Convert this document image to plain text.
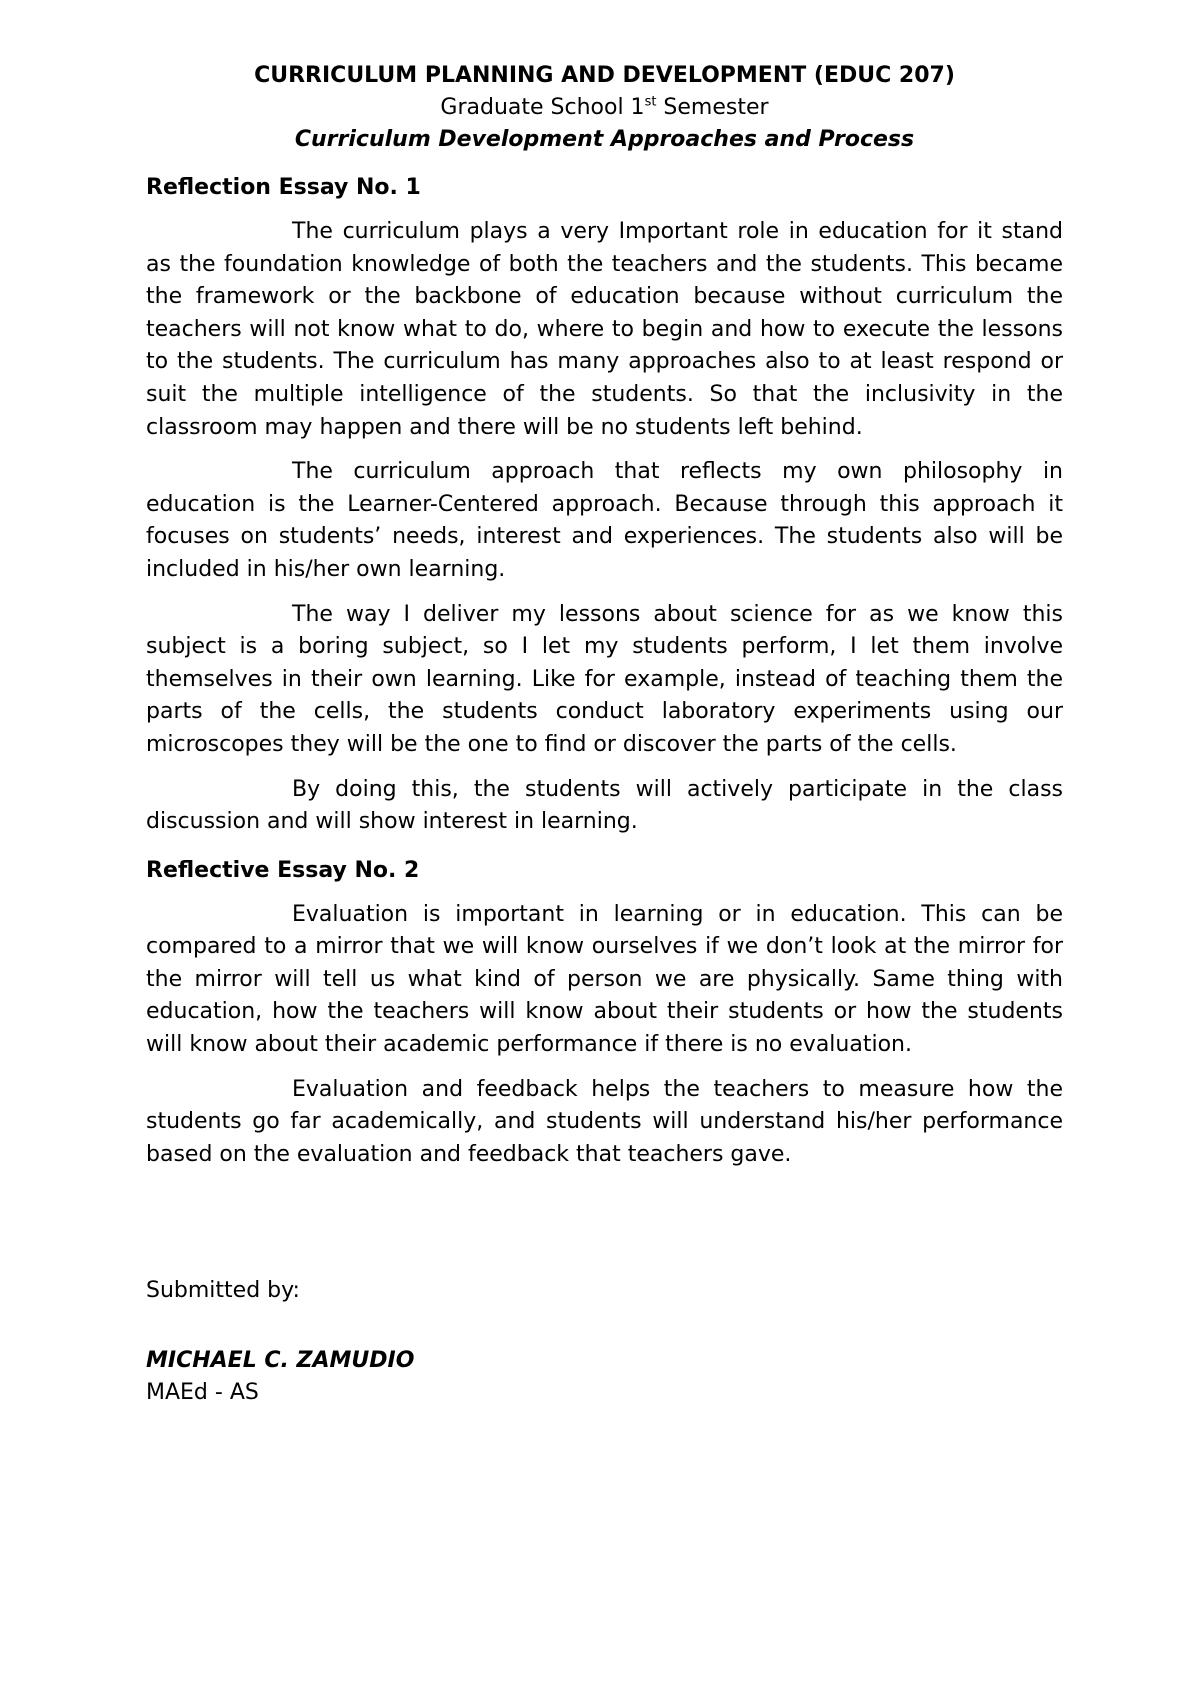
CURRICULUM PLANNING AND DEVELOPMENT (EDUC 207)

Graduate School 1st Semester

Curriculum Development Approaches and Process

Reflection Essay No. 1

The curriculum plays a very Important role in education for it stand as the foundation knowledge of both the teachers and the students. This became the framework or the backbone of education because without curriculum the teachers will not know what to do, where to begin and how to execute the lessons to the students. The curriculum has many approaches also to at least respond or suit the multiple intelligence of the students. So that the inclusivity in the classroom may happen and there will be no students left behind.

The curriculum approach that reflects my own philosophy in education is the Learner-Centered approach. Because through this approach it focuses on students’ needs, interest and experiences. The students also will be included in his/her own learning.

The way I deliver my lessons about science for as we know this subject is a boring subject, so I let my students perform, I let them involve themselves in their own learning. Like for example, instead of teaching them the parts of the cells, the students conduct laboratory experiments using our microscopes they will be the one to find or discover the parts of the cells.

By doing this, the students will actively participate in the class discussion and will show interest in learning.

Reflective Essay No. 2

Evaluation is important in learning or in education. This can be compared to a mirror that we will know ourselves if we don’t look at the mirror for the mirror will tell us what kind of person we are physically. Same thing with education, how the teachers will know about their students or how the students will know about their academic performance if there is no evaluation.

Evaluation and feedback helps the teachers to measure how the students go far academically, and students will understand his/her performance based on the evaluation and feedback that teachers gave.

Submitted by:

MICHAEL C. ZAMUDIO

MAEd - AS
